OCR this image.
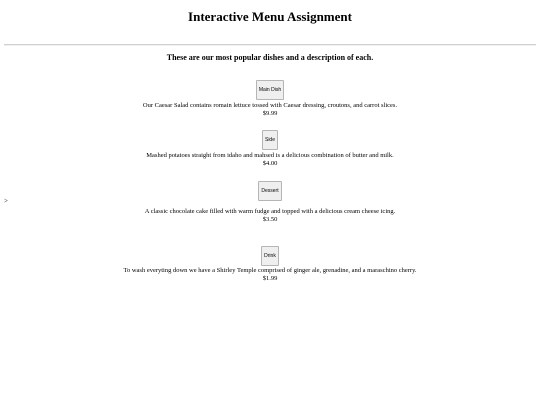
Interactive Menu Assignment

These are our most popular dishes and a description of each.

>
Main Dish

Our Caesar Salad contains romain lettuce tossed with Caesar dressing, croutons, and carrot slices.

$9.99

Side

Mashed potatoes straight from idaho and mahsed is a delicious combination of butter and milk.

$4.00

Dessert

A classic chocolate cake filled with warm fudge and topped with a delicious cream cheese icing.

$3.50

Drink

To wash everyting down we have a Shirley Temple comprised of ginger ale, grenadine, and a maraschino cherry.

$1.99
